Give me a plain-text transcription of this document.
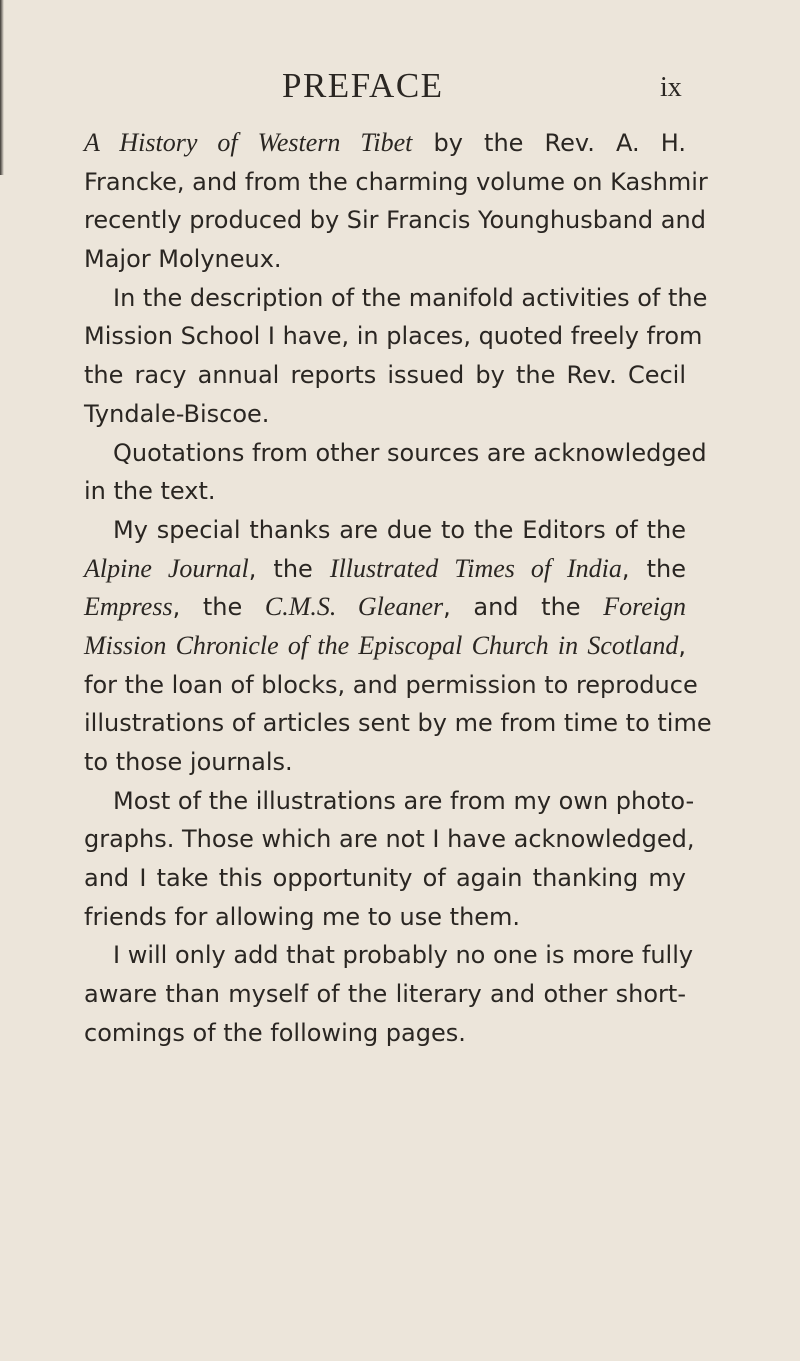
PREFACE	ix
A History of Western Tibet by the Rev. A. H.
Francke, and from the charming volume on Kashmir
recently produced by Sir Francis Younghusband and
Major Molyneux.
In the description of the manifold activities of the
Mission School I have, in places, quoted freely from
the racy annual reports issued by the Rev. Cecil
Tyndale-Biscoe.
Quotations from other sources are acknowledged
in the text.
My special thanks are due to the Editors of the
Alpine Journal, the Illustrated Times of India, the
Empress, the C.M.S. Gleaner, and the Foreign
Mission Chronicle of the Episcopal Church in Scotland,
for the loan of blocks, and permission to reproduce
illustrations of articles sent by me from time to time
to those journals.
Most of the illustrations are from my own photo-
graphs. Those which are not I have acknowledged,
and I take this opportunity of again thanking my
friends for allowing me to use them.
I will only add that probably no one is more fully
aware than myself of the literary and other short-
comings of the following pages.
